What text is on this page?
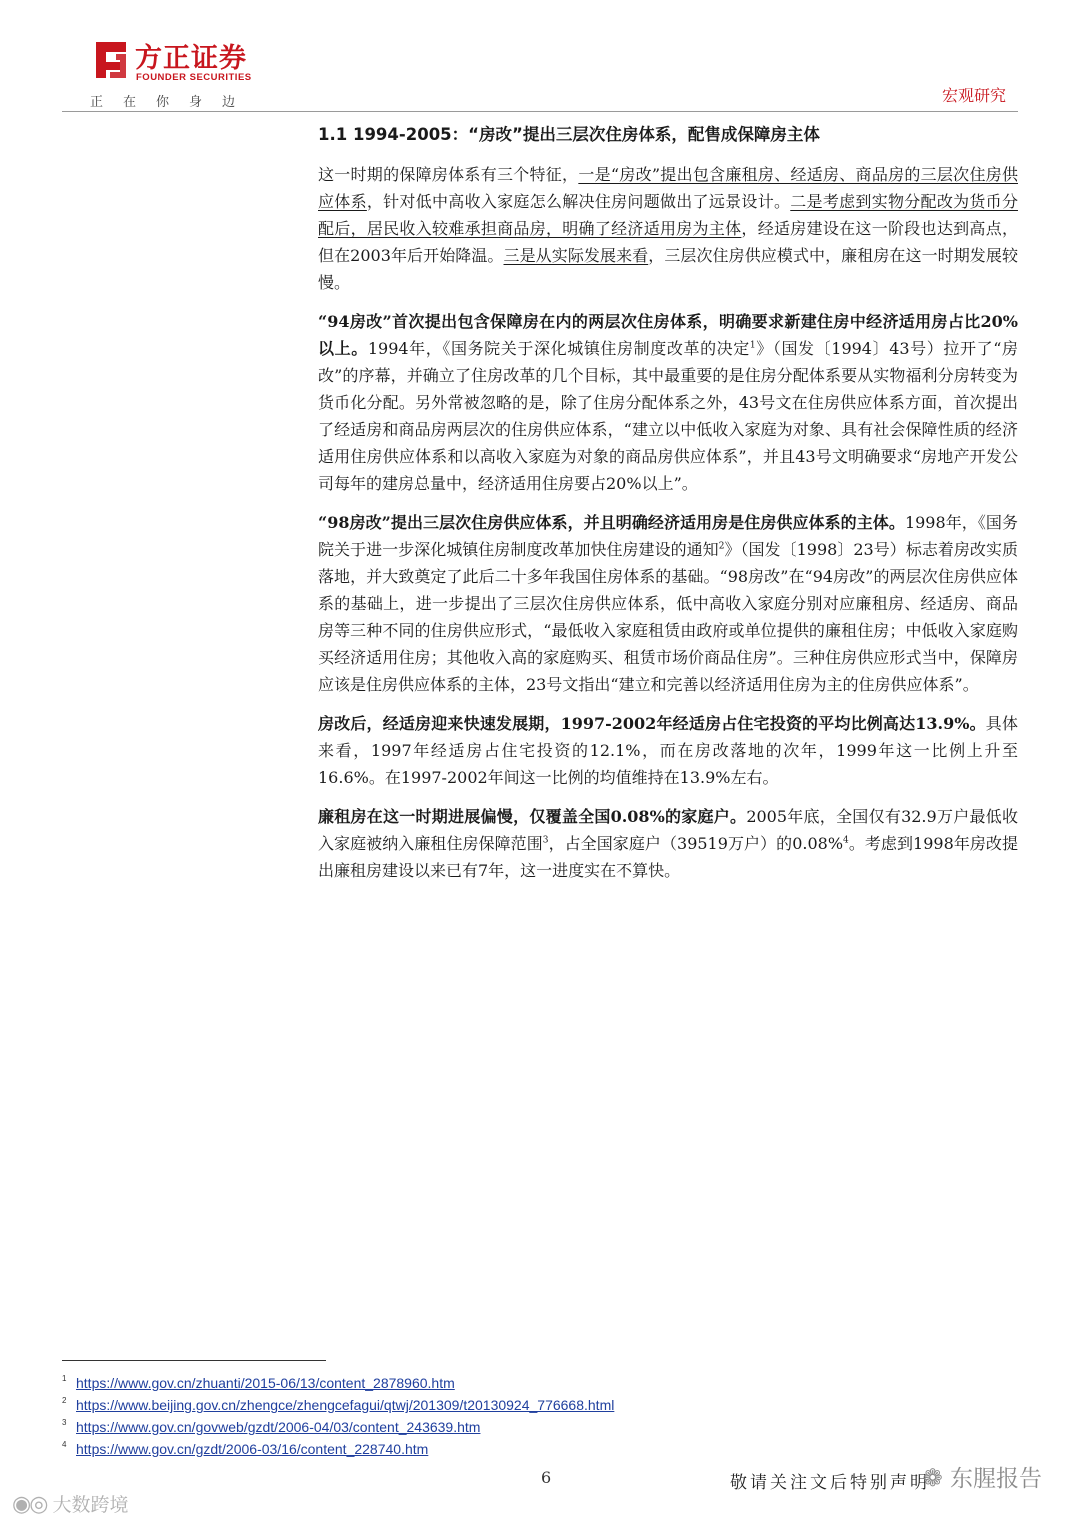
方正证券
FOUNDER SECURITIES
正在你身边	宏观研究
1.1 1994-2005：“房改”提出三层次住房体系，配售成保障房主体

这一时期的保障房体系有三个特征，一是“房改”提出包含廉租房、经适房、商品房的三层次住房供应体系，针对低中高收入家庭怎么解决住房问题做出了远景设计。二是考虑到实物分配改为货币分配后，居民收入较难承担商品房，明确了经济适用房为主体，经适房建设在这一阶段也达到高点，但在2003年后开始降温。三是从实际发展来看，三层次住房供应模式中，廉租房在这一时期发展较慢。

“94房改”首次提出包含保障房在内的两层次住房体系，明确要求新建住房中经济适用房占比20%以上。1994年，《国务院关于深化城镇住房制度改革的决定$^1$》（国发〔1994〕43号）拉开了“房改”的序幕，并确立了住房改革的几个目标，其中最重要的是住房分配体系要从实物福利分房转变为货币化分配。另外常被忽略的是，除了住房分配体系之外，43号文在住房供应体系方面，首次提出了经适房和商品房两层次的住房供应体系，“建立以中低收入家庭为对象、具有社会保障性质的经济适用住房供应体系和以高收入家庭为对象的商品房供应体系”，并且43号文明确要求“房地产开发公司每年的建房总量中，经济适用住房要占20%以上”。

“98房改”提出三层次住房供应体系，并且明确经济适用房是住房供应体系的主体。1998年，《国务院关于进一步深化城镇住房制度改革加快住房建设的通知$^2$》（国发〔1998〕23号）标志着房改实质落地，并大致奠定了此后二十多年我国住房体系的基础。“98房改”在“94房改”的两层次住房供应体系的基础上，进一步提出了三层次住房供应体系，低中高收入家庭分别对应廉租房、经适房、商品房等三种不同的住房供应形式，“最低收入家庭租赁由政府或单位提供的廉租住房；中低收入家庭购买经济适用住房；其他收入高的家庭购买、租赁市场价商品住房”。三种住房供应形式当中，保障房应该是住房供应体系的主体，23号文指出“建立和完善以经济适用住房为主的住房供应体系”。

房改后，经适房迎来快速发展期，1997-2002年经适房占住宅投资的平均比例高达13.9%。具体来看，1997年经适房占住宅投资的12.1%，而在房改落地的次年，1999年这一比例上升至16.6%。在1997-2002年间这一比例的均值维持在13.9%左右。

廉租房在这一时期进展偏慢，仅覆盖全国0.08%的家庭户。2005年底，全国仅有32.9万户最低收入家庭被纳入廉租住房保障范围$^3$，占全国家庭户（39519万户）的0.08%$^4$。考虑到1998年房改提出廉租房建设以来已有7年，这一进度实在不算快。

1 https://www.gov.cn/zhuanti/2015-06/13/content_2878960.htm
2 https://www.beijing.gov.cn/zhengce/zhengcefagui/qtwj/201309/t20130924_776668.html
3 https://www.gov.cn/govweb/gzdt/2006-04/03/content_243639.htm
4 https://www.gov.cn/gzdt/2006-03/16/content_228740.htm
6	敬请关注文后特别声明
◉◎ 大数跨境
❁ 东腥报告
